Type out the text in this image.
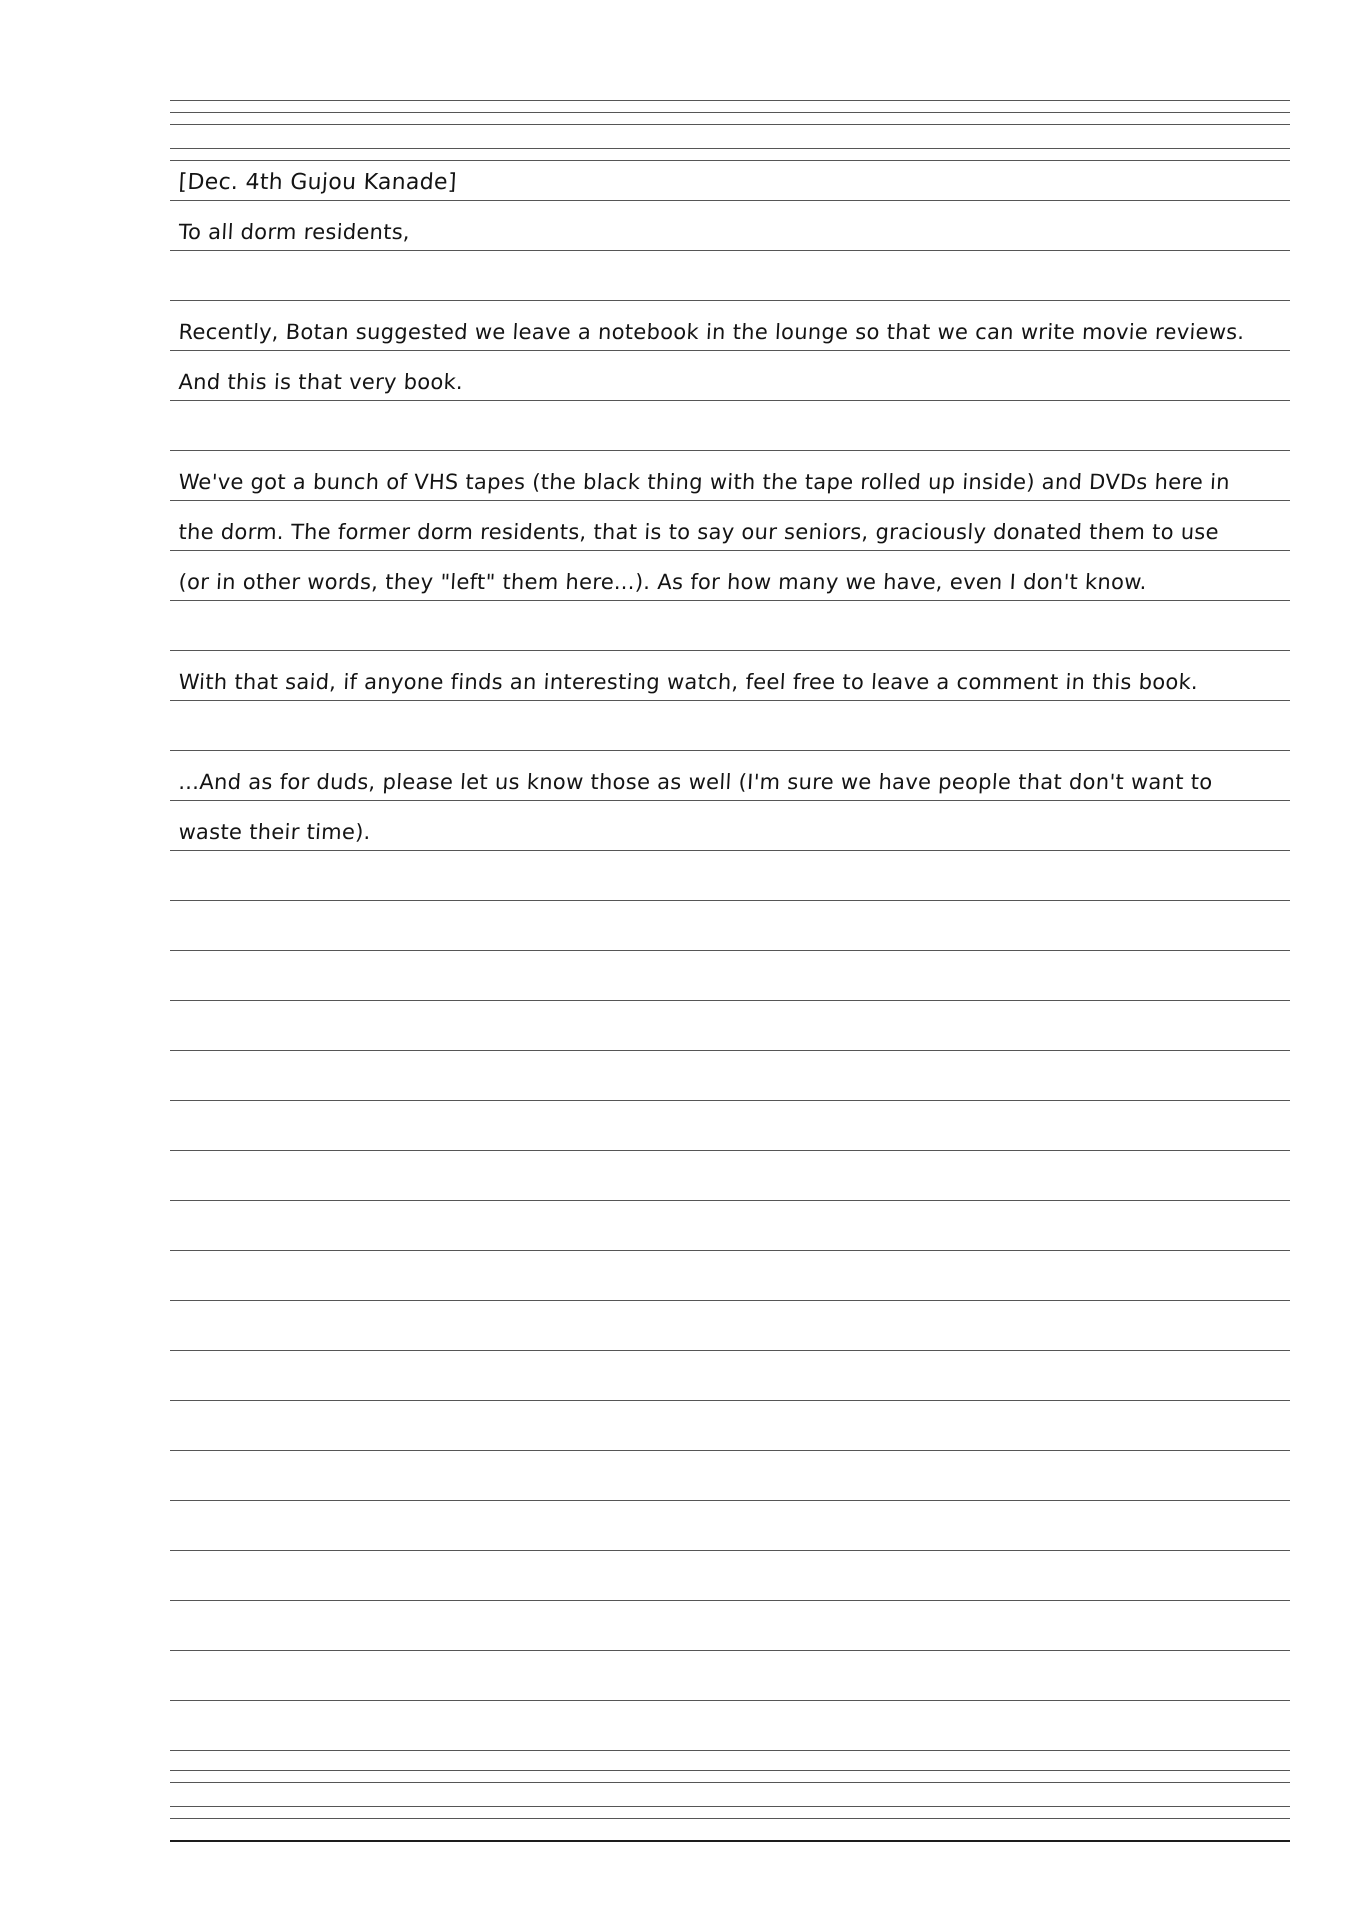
[Dec. 4th Gujou Kanade]
To all dorm residents,
Recently, Botan suggested we leave a notebook in the lounge so that we can write movie reviews.
And this is that very book.
We've got a bunch of VHS tapes (the black thing with the tape rolled up inside) and DVDs here in
the dorm. The former dorm residents, that is to say our seniors, graciously donated them to use
(or in other words, they "left" them here...). As for how many we have, even I don't know.
With that said, if anyone finds an interesting watch, feel free to leave a comment in this book.
...And as for duds, please let us know those as well (I'm sure we have people that don't want to
waste their time).
